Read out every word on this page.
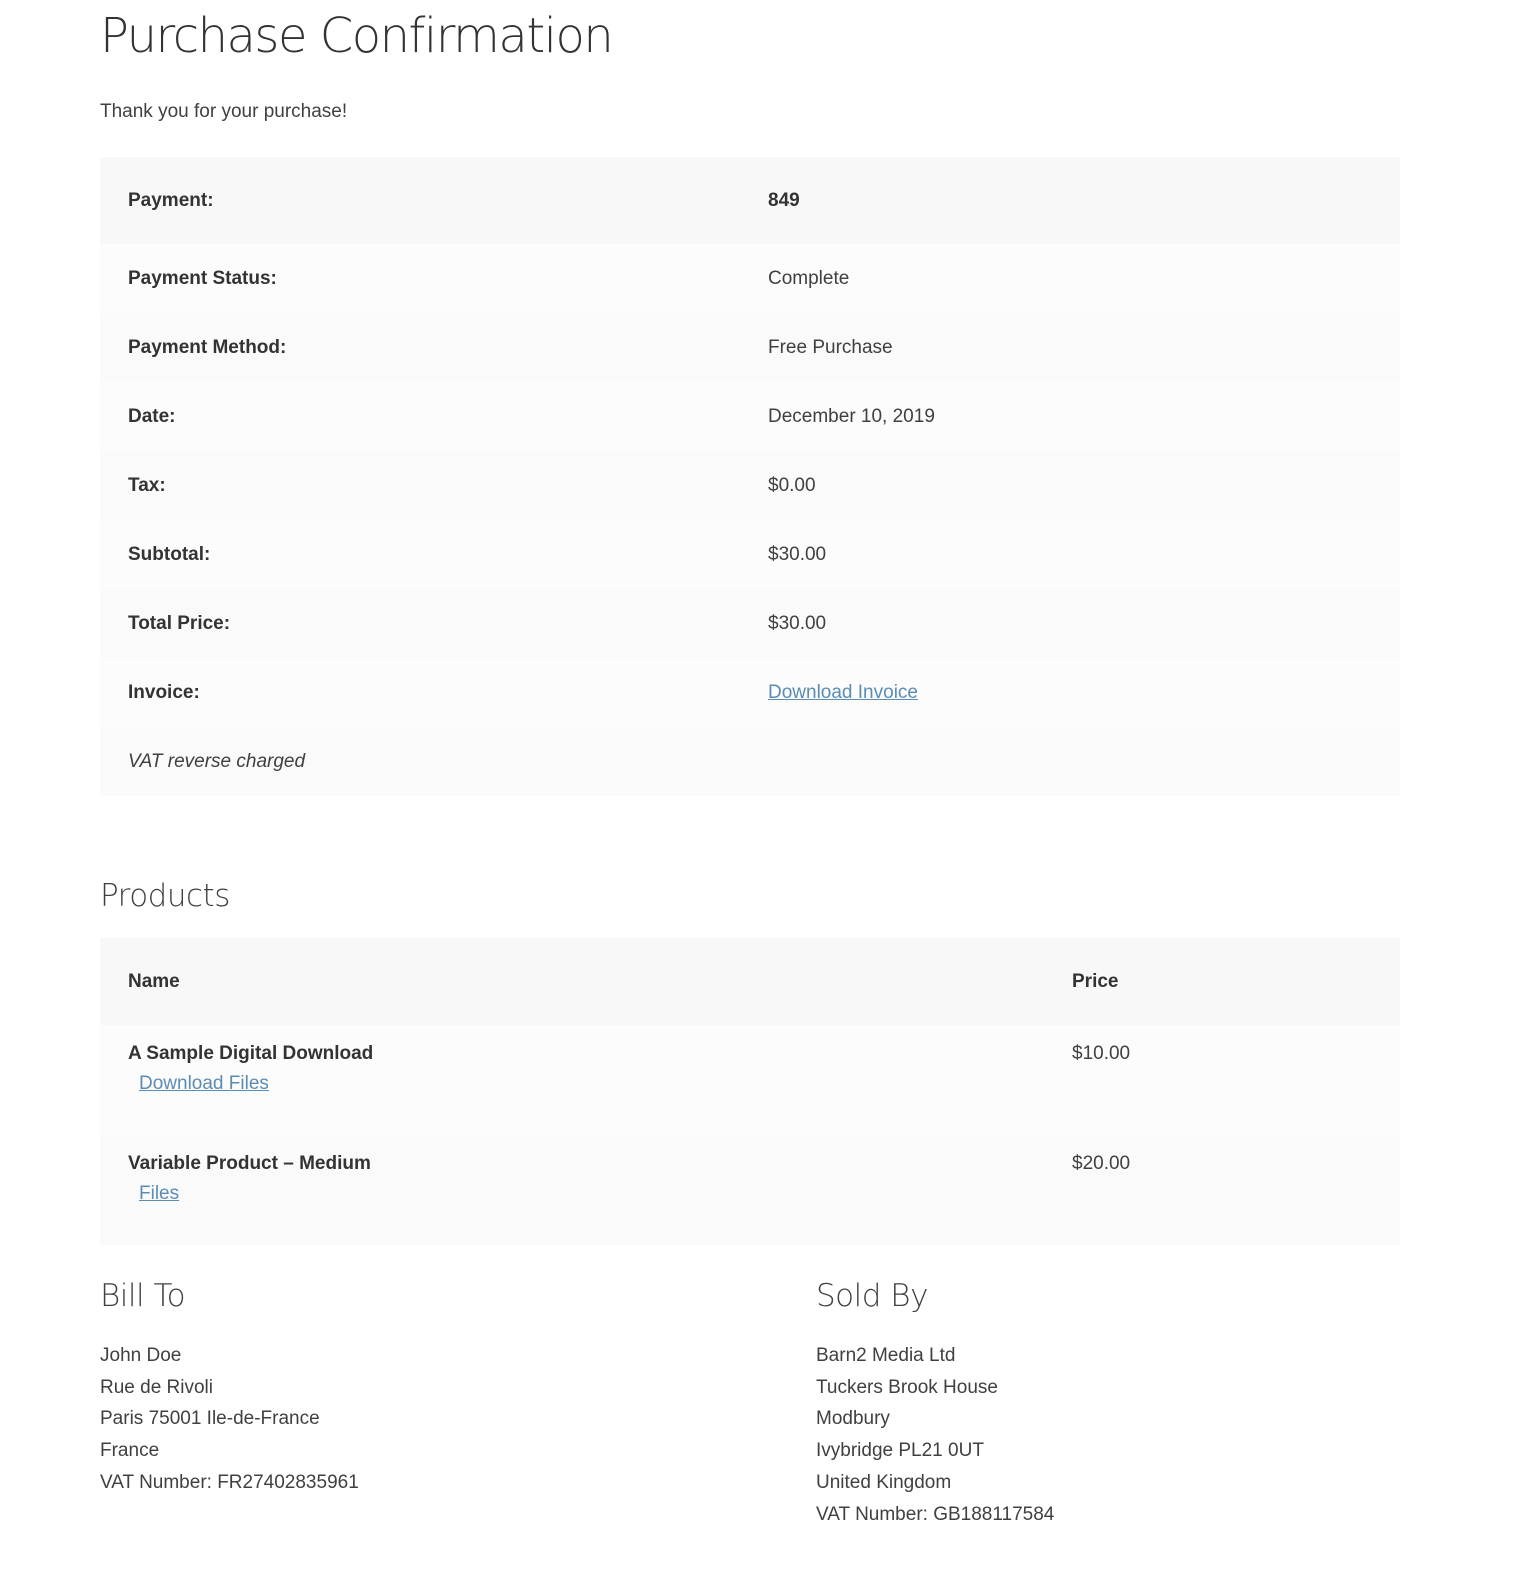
Purchase Confirmation
Thank you for your purchase!
Payment:	849
Payment Status:	Complete
Payment Method:	Free Purchase
Date:	December 10, 2019
Tax:	$0.00
Subtotal:	$30.00
Total Price:	$30.00
Invoice:	Download Invoice
VAT reverse charged	
Products
Name	Price

A Sample Digital Download
Download Files	$10.00

Variable Product – Medium
Files	$20.00
Bill To
John Doe
Rue de Rivoli
Paris 75001 Ile-de-France
France
VAT Number: FR27402835961
Sold By
Barn2 Media Ltd
Tuckers Brook House
Modbury
Ivybridge PL21 0UT
United Kingdom
VAT Number: GB188117584
